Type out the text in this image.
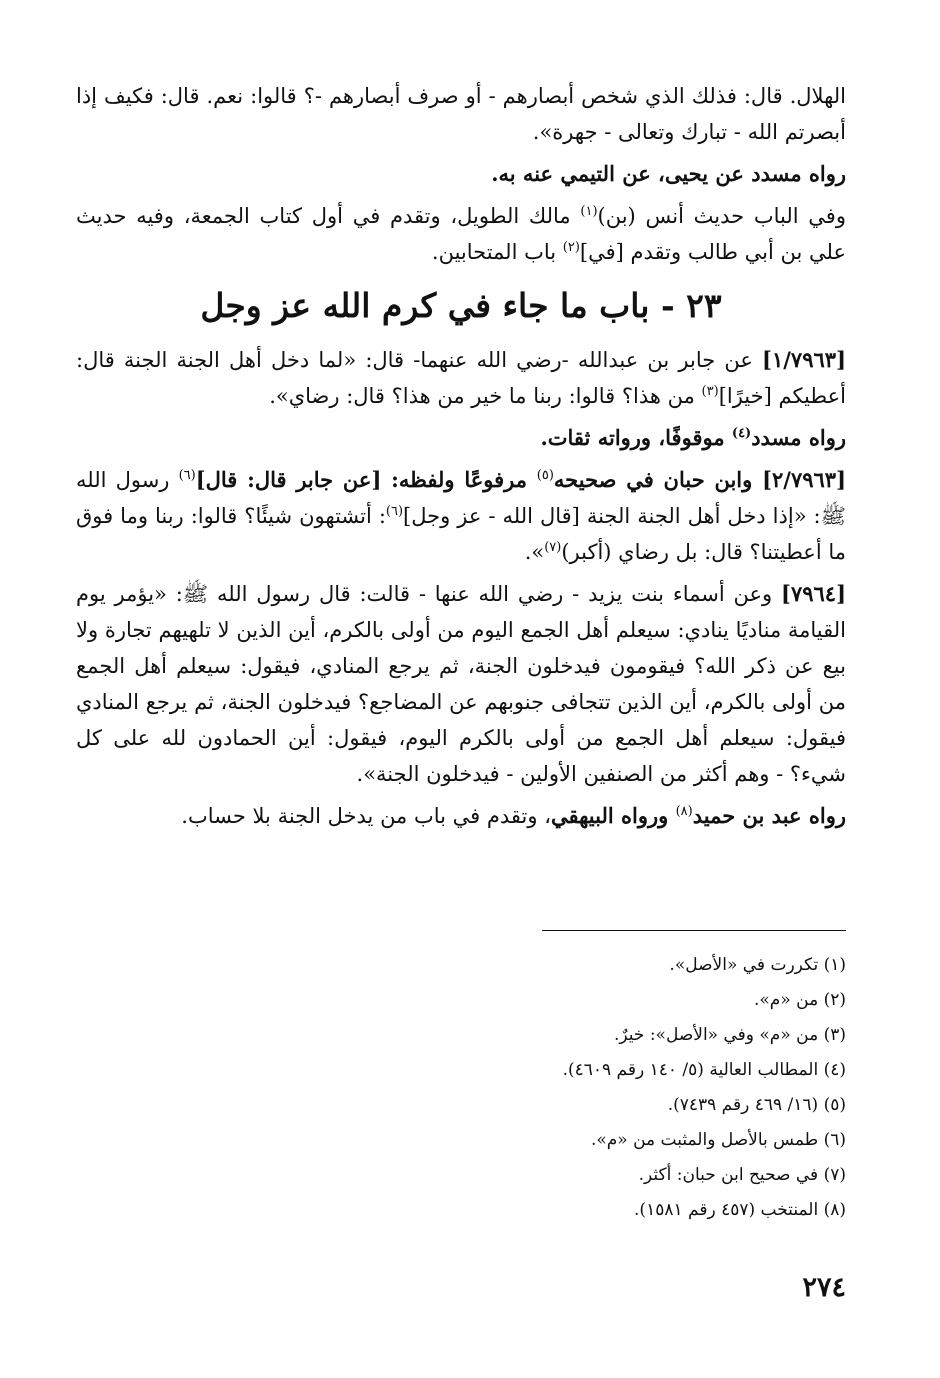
الهلال. قال: فذلك الذي شخص أبصارهم - أو صرف أبصارهم -؟ قالوا: نعم. قال: فكيف إذا أبصرتم الله - تبارك وتعالى - جهرة».

رواه مسدد عن يحيى، عن التيمي عنه به.

وفي الباب حديث أنس (بن)$^{(١)}$ مالك الطويل، وتقدم في أول كتاب الجمعة، وفيه حديث علي بن أبي طالب وتقدم [في]$^{(٢)}$ باب المتحابين.

٢٣ - باب ما جاء في كرم الله عز وجل

[١/٧٩٦٣] عن جابر بن عبدالله -رضي الله عنهما- قال: «لما دخل أهل الجنة الجنة قال: أعطيكم [خيرًا]$^{(٣)}$ من هذا؟ قالوا: ربنا ما خير من هذا؟ قال: رضاي».

رواه مسدد$^{(٤)}$ موقوفًا، ورواته ثقات.

[٢/٧٩٦٣] وابن حبان في صحيحه$^{(٥)}$ مرفوعًا ولفظه: [عن جابر قال: قال]$^{(٦)}$ رسول الله ﷺ: «إذا دخل أهل الجنة الجنة [قال الله - عز وجل]$^{(٦)}$: أتشتهون شيئًا؟ قالوا: ربنا وما فوق ما أعطيتنا؟ قال: بل رضاي (أكبر)$^{(٧)}$».

[٧٩٦٤] وعن أسماء بنت يزيد - رضي الله عنها - قالت: قال رسول الله ﷺ: «يؤمر يوم القيامة مناديًا ينادي: سيعلم أهل الجمع اليوم من أولى بالكرم، أين الذين لا تلهيهم تجارة ولا بيع عن ذكر الله؟ فيقومون فيدخلون الجنة، ثم يرجع المنادي، فيقول: سيعلم أهل الجمع من أولى بالكرم، أين الذين تتجافى جنوبهم عن المضاجع؟ فيدخلون الجنة، ثم يرجع المنادي فيقول: سيعلم أهل الجمع من أولى بالكرم اليوم، فيقول: أين الحمادون لله على كل شيء؟ - وهم أكثر من الصنفين الأولين - فيدخلون الجنة».

رواه عبد بن حميد$^{(٨)}$ ورواه البيهقي، وتقدم في باب من يدخل الجنة بلا حساب.

(١) تكررت في «الأصل».
(٢) من «م».
(٣) من «م» وفي «الأصل»: خيرٌ.
(٤) المطالب العالية (٥/ ١٤٠ رقم ٤٦٠٩).
(٥) (١٦/ ٤٦٩ رقم ٧٤٣٩).
(٦) طمس بالأصل والمثبت من «م».
(٧) في صحيح ابن حبان: أكثر.
(٨) المنتخب (٤٥٧ رقم ١٥٨١).
٢٧٤
